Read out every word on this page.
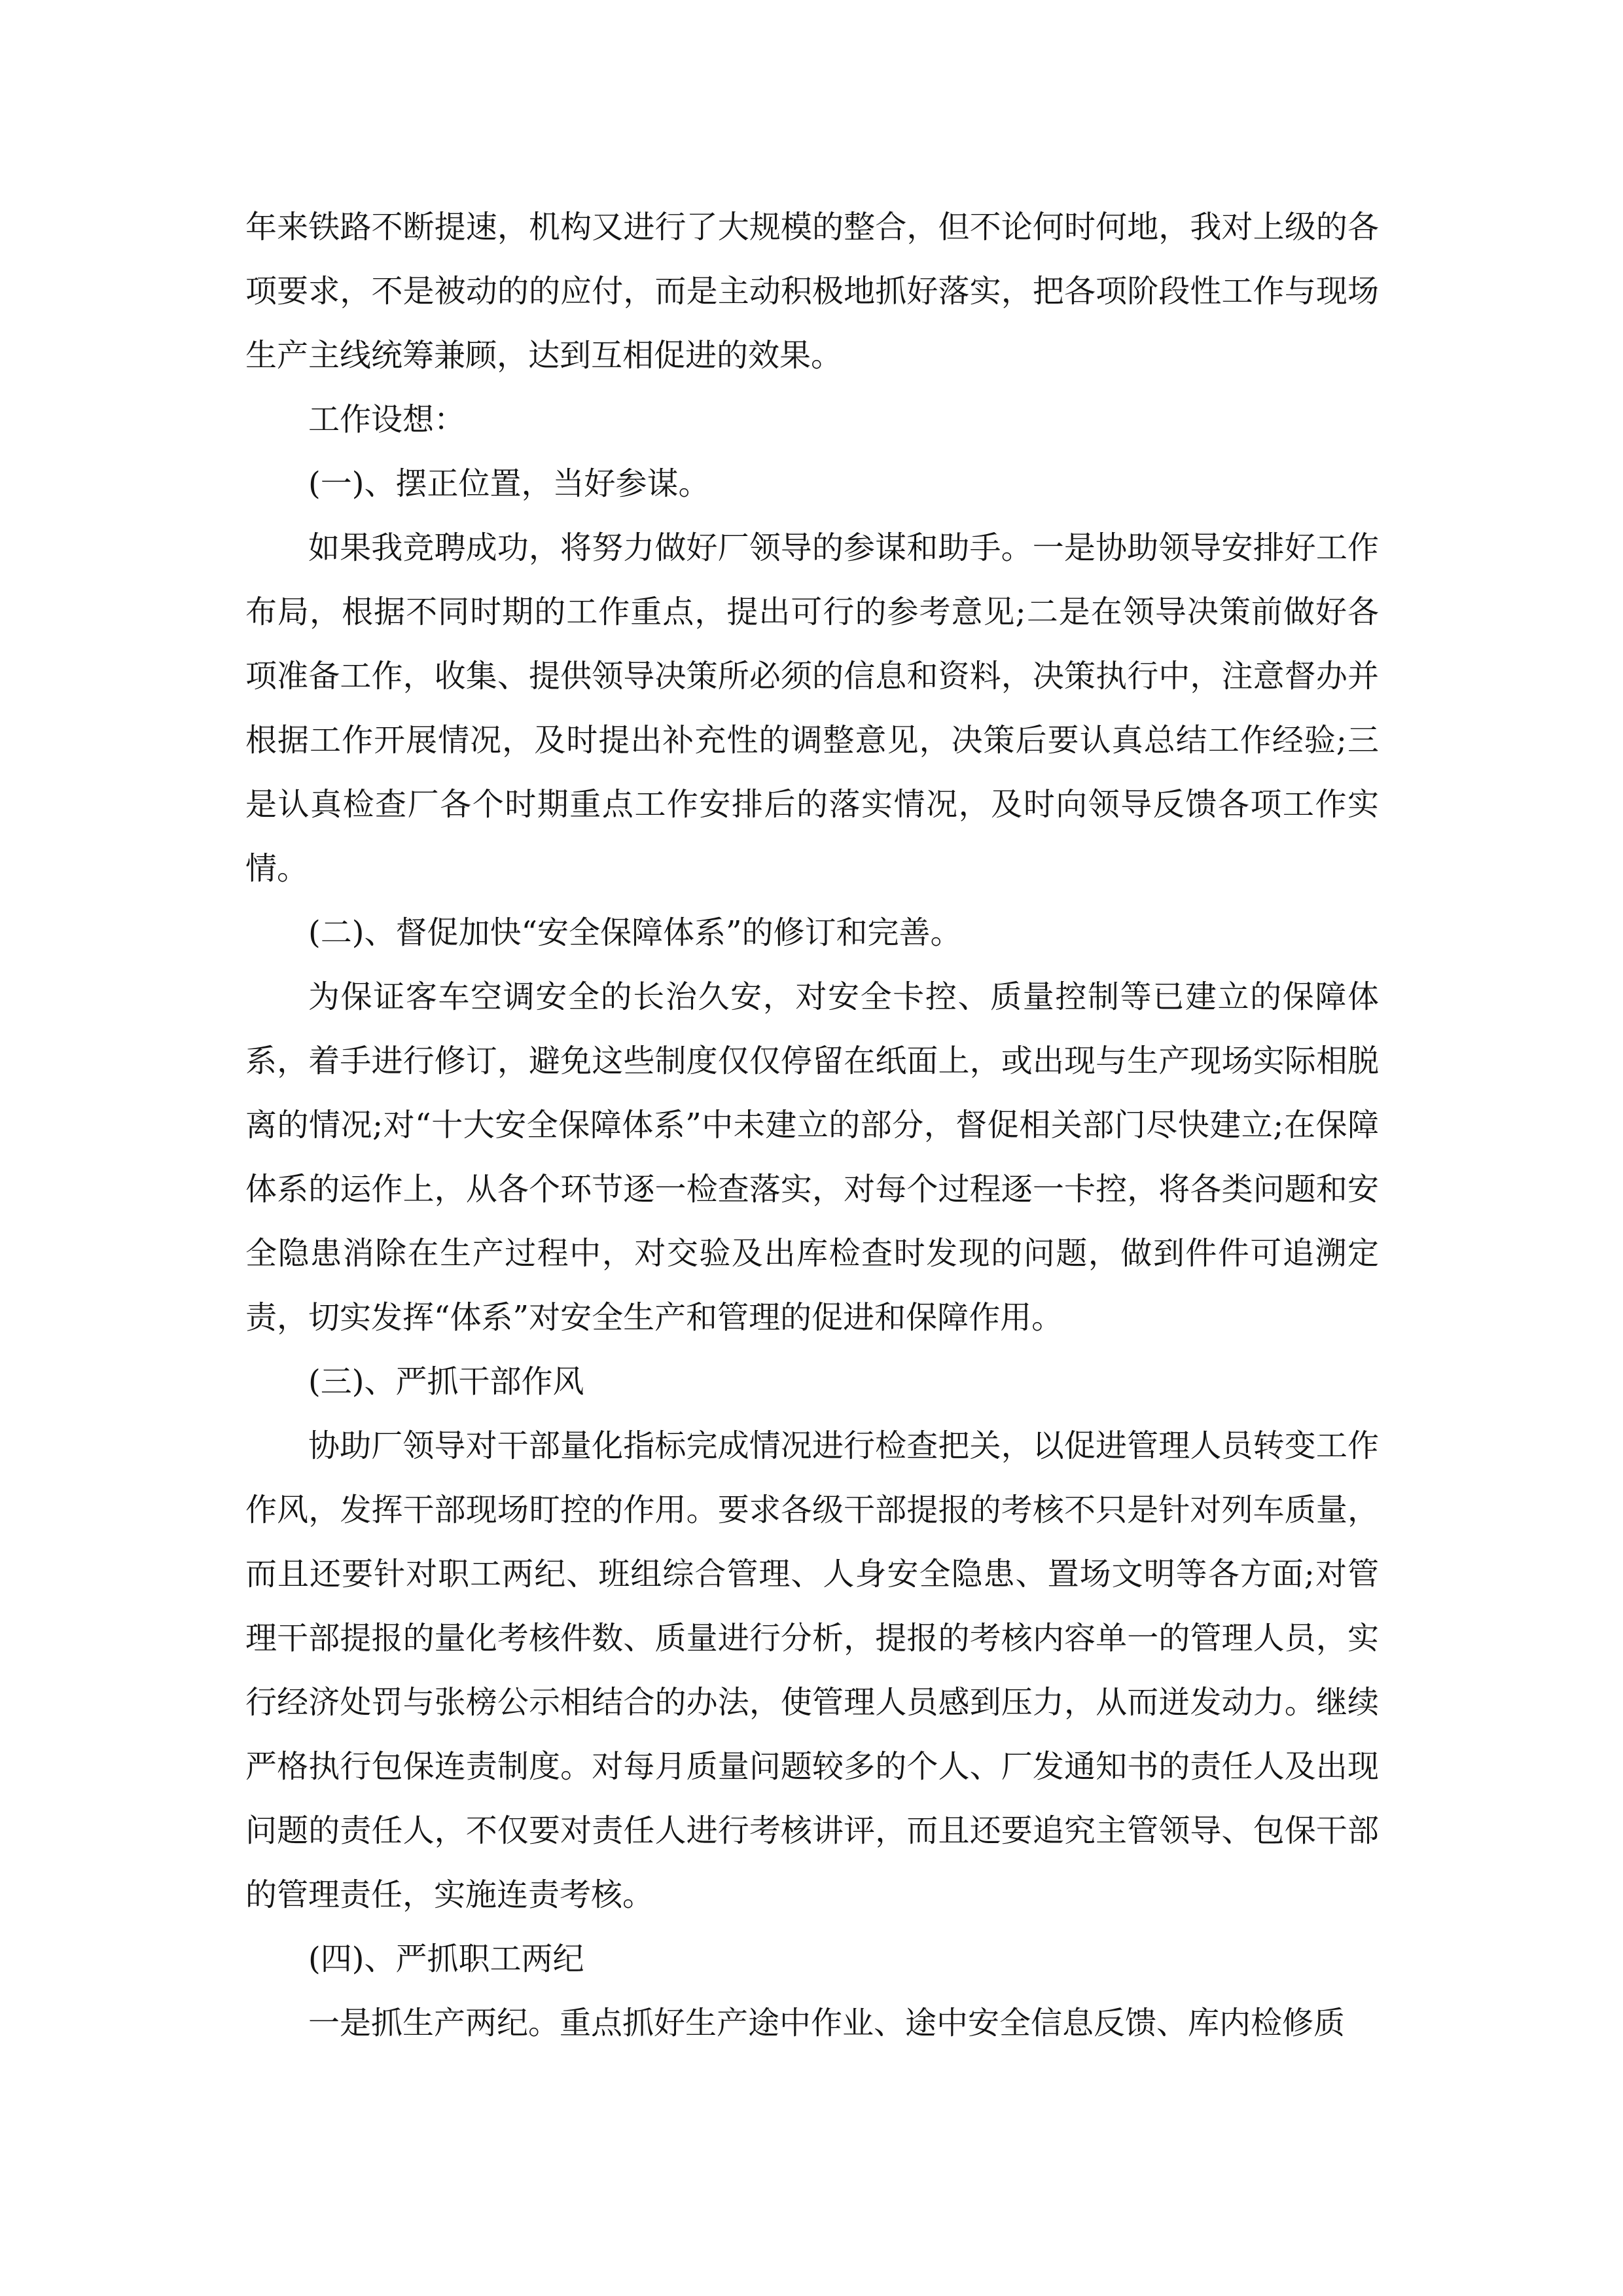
年来铁路不断提速，机构又进行了大规模的整合，但不论何时何地，我对上级的各项要求，不是被动的的应付，而是主动积极地抓好落实，把各项阶段性工作与现场生产主线统筹兼顾，达到互相促进的效果。

工作设想：

(一)、摆正位置，当好参谋。

如果我竞聘成功，将努力做好厂领导的参谋和助手。一是协助领导安排好工作布局，根据不同时期的工作重点，提出可行的参考意见;二是在领导决策前做好各项准备工作，收集、提供领导决策所必须的信息和资料，决策执行中，注意督办并根据工作开展情况，及时提出补充性的调整意见，决策后要认真总结工作经验;三是认真检查厂各个时期重点工作安排后的落实情况，及时向领导反馈各项工作实情。

(二)、督促加快“安全保障体系”的修订和完善。

为保证客车空调安全的长治久安，对安全卡控、质量控制等已建立的保障体系，着手进行修订，避免这些制度仅仅停留在纸面上，或出现与生产现场实际相脱离的情况;对“十大安全保障体系”中未建立的部分，督促相关部门尽快建立;在保障体系的运作上，从各个环节逐一检查落实，对每个过程逐一卡控，将各类问题和安全隐患消除在生产过程中，对交验及出库检查时发现的问题，做到件件可追溯定责，切实发挥“体系”对安全生产和管理的促进和保障作用。

(三)、严抓干部作风

协助厂领导对干部量化指标完成情况进行检查把关，以促进管理人员转变工作作风，发挥干部现场盯控的作用。要求各级干部提报的考核不只是针对列车质量，而且还要针对职工两纪、班组综合管理、人身安全隐患、置场文明等各方面;对管理干部提报的量化考核件数、质量进行分析，提报的考核内容单一的管理人员，实行经济处罚与张榜公示相结合的办法，使管理人员感到压力，从而迸发动力。继续严格执行包保连责制度。对每月质量问题较多的个人、厂发通知书的责任人及出现问题的责任人，不仅要对责任人进行考核讲评，而且还要追究主管领导、包保干部的管理责任，实施连责考核。

(四)、严抓职工两纪

一是抓生产两纪。重点抓好生产途中作业、途中安全信息反馈、库内检修质
